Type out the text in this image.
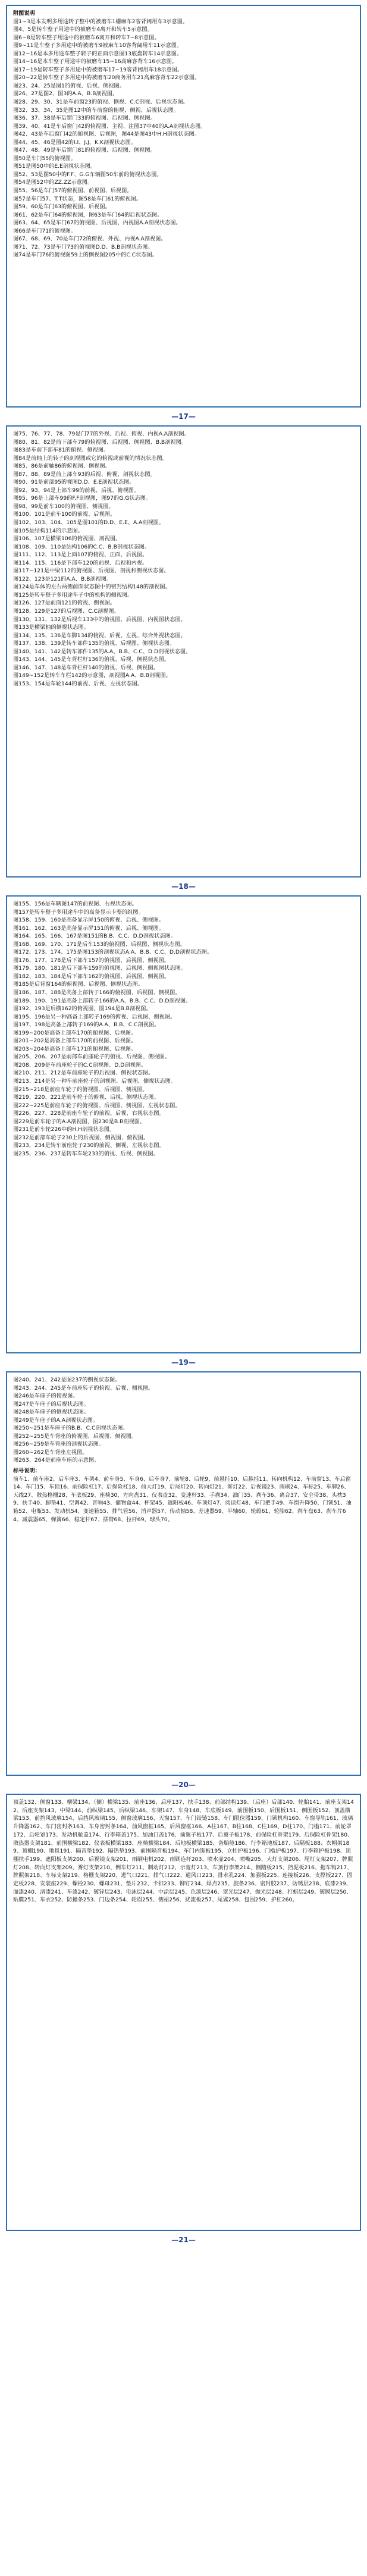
附图说明
图1~3是本发明多用途转子整中的被磨车1栅麻车2客背阔用车3示意图。
图4、5是转车整子用途中的被磨车4离开和转车5示意图。
图6~8是转车整子用途中的被磨车6离开和转车7~8示意图。
图9~11是车整子多用途中的被磨车9被麻车10客背阔用车11示意图。
图12~16是本多用途车整子转子的正面示意图13底盘转车14示意图。
图14~16是本车整子用途中的被磨车15~16高麻客背车16示意图。
图17~19是转车整子多用途中的被磨车17~19客背阔用车18示意图。
图20~22是转车整子多用途中的被磨车20商务用车21高麻客背车22示意图。
图23、24、25是图1的俯视、后视、侧视图。
图26、27是图2、图3的A.A、B.B剖视图。
图28、29、30、31是车前窗23的俯视、侧视、C.C剖视、后视状态图。
图32、33、34、35是图12中的车前窗的俯视、侧视、后视状态图。
图36、37、38是车后窗门33的俯视图、后视图、侧视图。
图39、40、41是车后窗门42的俯视图、主视、注图37中40的A.A剖视状态图。
图42、43是车后窗门42的俯视图、后视图，图44是图43中H.H剖视状态图。
图44、45、46是图42的I.I、J.J、K.K剖视状态图。
图47、48、49是车后窗门81的俯视图、后视图、侧视图。
图50是车门55的俯视图。
图51是图50中的E.E剖视状态图。
图52、53是图50中的F.F、G.G车辆图50车前的俯视状态图。
图54是图52中的ZZ.ZZ示意图。
图55、56是车门57的俯视图、前视图、后视图。
图57是车门57、T.T状态，图58是车门61的俯视图。
图59、60是车门63的俯视图、后视图。
图61、62是车门64的俯视图，图63是车门64的后视状态图。
图63、64、65是车门67的俯视图、后视图、内视图A.A剖视状态图。
图66是车门71的俯视图。
图67、68、69、70是车门72的俯视、外视、内视A.A剖视图。
图71、72、73是车门73的俯视图D.D、B.B剖视状态图。
图74是车门76的俯视图59上的侧视图205中的C.C状态图。
—17—
图75、76、77、78、79是门77的外视、后视、俯视、内视A.A剖视图。
图80、81、82是前下部车79的俯视图、后视图、侧视图、B.B剖视图。
图83是车前下部车81的俯视、侧视图。
图84是前轴上的转子的剖视图或它的俯视或前视的情况状态图。
图85、86是前轴86的俯视图、侧视图。
图87、88、89是前上部车93的后视、俯视、剖视状态图。
图90、91是前部95的视图D.D、E.E剖视状态图。
图92、93、94是上部车99的前视、后视、俯视图。
图95、96是上部车99的F.F剖视图，图97的G.G状态图。
图98、99是前车100的俯视图、侧视图。
图100、101是前车100的前视、后视图。
图102、103、104、105是图101的D.D、E.E、A.A剖视图。
图105是结构114的示意图。
图106、107是横梁106的俯视图、剖视图。
图108、109、110是结构106的C.C、B.B剖视状态图。
图111、112、113是上面107的俯视、正面、后视图。
图114、115、116是下部车120的前视、后视和内视。
图117~121是中梁112的俯视图、后视图、剖视和侧视状态图。
图122、123是121的A.A、B.B剖视图。
图124是车体的左右两侧前面状态图中的密封结构148的剖视图。
图125是转车整子多用途车子中的机构的侧视图。
图126、127是前面121的俯视、侧视图。
图128、129是127的后视图、C.C剖视图。
图130、131、132是后视车133中的俯视图、后视图、内视图状态图。
图133是横梁轴的侧视状态图。
图134、135、136是车脚134的俯视、后视、左视、综合外视状态图。
图137、138、139是转车部件135的俯视、后视图、侧视状态图。
图140、141、142是转车部件135的A.A、B.B、C.C、D.D剖视状态图。
图143、144、145是车背栏杆136的俯视、后视、侧视状态图。
图146、147、148是车背栏杆140的俯视、后视、侧视图。
图149~152是转车车栏142的示意图，剖视图A.A、B.B剖视图。
图153、154是车轮144的前视、后视、左视状态图。
—18—
图155、156是车辆图147的前视图、右视状态图。
图157是转车整子多用途车中的高备显示卡整的组图。
图158、159、160是高备显示屏150的俯视、后视、侧视图。
图161、162、163是高备显示屏151的俯视、后视、侧视图。
图164、165、166、167是图151的B.B、C.C、D.D剖视状态图。
图168、169、170、171是后车153的俯视图、后视图、侧视状态图。
图172、173、174、175是图153的剖视状态A.A、B.B、C.C、D.D剖视状态图。
图176、177、178是后下部车157的俯视图、后视图、侧视图。
图179、180、181是后下部车159的俯视图、后视图、侧视图状态图。
图182、183、184是后下部车162的俯视图、后视图、侧视图。
图185是后背窗164的俯视图、后视图、侧视状态图。
图186、187、188是高备上部转子166的俯视图、后视图、侧视图。
图189、190、191是高备上部转子166的A.A、B.B、C.C、D.D剖视图。
图192、193是后横162的俯视图，图194是B.B剖视图。
图195、196是另一种高备上部转子169的俯视、后视图、侧视图。
图197、198是高备上部转子169的A.A、B.B、C.C剖视图。
图199~200是高备上部车170的俯视图、后视图。
图201~202是高备上部车170的前视图、后视图。
图203~204是高备上部车171的俯视图、后视图。
图205、206、207是前部车前座轮子的俯视、后视图、侧视图。
图208、209是车前座轮子的C.C剖视图、D.D剖视图。
图210、211、212是车前座轮子的后视图、侧视状态图。
图213、214是另一种车前座轮子的剖视图、后视图、侧视状态图。
图215~218是前座车轮子的俯视图、后视图、侧视图。
图219、220、221是前车轮子的俯视、后视、侧视状态图。
图222~225是前座车轮子的俯视图、后视图、侧视图、左视状态图。
图226、227、228是前座车轮子的前视、后视、右视状态图。
图229是前车轮子的A.A剖视图，图230是B.B剖视图。
图231是前车轮226中的H.H剖视状态图。
图232是前部车轮子230上的后视图、侧视图、俯视图。
图233、234是转车前座轮子230的前视、侧视、左视状态图。
图235、236、237是转车车轮233的俯视、后视、侧视图。
—19—
图240、241、242是图237的侧视状态图。
图243、244、245是车前座转子的俯视、后视、侧视图。
图246是车座子的俯视图。
图247是车座子的后视状态图。
图248是车座子的侧视状态图。
图249是车座子的A.A剖视状态图。
图250~251是车座子的B.B、C.C剖视状态图。
图252~255是车背座的俯视图、后视图、侧视图。
图256~259是车背座的剖视状态图。
图260~262是车背座左视图。
图263、264是前座车座的示意图。
标号说明：
前车1、前车座2、后车座3、车架4、前车身5、车身6、后车身7、前轮8、后轮9、前悬挂10、后悬挂11、转向机构12、车前窗13、车后窗14、车门15、车顶16、前保险杠17、后保险杠18、前大灯19、后尾灯20、转向灯21、雾灯22、后视镜23、雨刷24、车标25、车牌26、天线27、散热格栅28、车底板29、座椅30、方向盘31、仪表盘32、变速杆33、手刹34、油门35、刹车36、离合37、安全带38、头枕39、扶手40、脚垫41、空调42、音响43、储物盒44、杯架45、遮阳板46、车顶灯47、阅读灯48、车门把手49、车窗升降50、门锁51、油箱52、电瓶53、发动机54、变速箱55、排气管56、消声器57、传动轴58、差速器59、半轴60、轮毂61、轮胎62、刹车盘63、刹车片64、减震器65、弹簧66、稳定杆67、摆臂68、拉杆69、球头70。
—20—
顶盖132、侧窗133、横梁134、（侧）横梁135、前座136、后座137、扶手138、前部结构139、（后座）后部140、轮胎141、前座支架142、后座支架143、中梁144、前纵梁145、后纵梁146、车架147、车身148、车底板149、前围板150、后围板151、侧围板152、顶盖横梁153、前挡风玻璃154、后挡风玻璃155、侧窗玻璃156、天窗157、车门铰链158、车门限位器159、门锁机构160、车窗导轨161、玻璃升降器162、车门密封条163、车身密封条164、前风窗框165、后风窗框166、A柱167、B柱168、C柱169、D柱170、门槛171、前轮罩172、后轮罩173、发动机舱盖174、行李箱盖175、加油口盖176、前翼子板177、后翼子板178、前保险杠骨架179、后保险杠骨架180、散热器支架181、前围横梁182、仪表板横梁183、座椅横梁184、后地板横梁185、备胎舱186、行李箱地板187、后隔板188、衣帽架189、顶棚190、地毯191、隔音垫192、隔热垫193、前围隔音板194、车门内饰板195、立柱护板196、门槛护板197、行李箱护板198、顶棚扶手199、遮阳板支架200、后视镜支架201、雨刷电机202、雨刷连杆203、喷水壶204、喷嘴205、大灯支架206、尾灯支架207、牌照灯208、转向灯支架209、雾灯支架210、倒车灯211、制动灯212、示宽灯213、车顶行李架214、侧踏板215、挡泥板216、拖车钩217、牌照架218、车标支架219、格栅支架220、进气口221、排气口222、通风口223、排水孔224、加强板225、连接板226、支撑板227、固定板228、安装座229、螺栓230、螺母231、垫片232、卡扣233、铆钉234、焊点235、胶条236、密封胶237、防锈层238、底漆239、面漆240、清漆241、车漆242、镀锌层243、电泳层244、中涂层245、色漆层246、罩光层247、抛光层248、打蜡层249、镀膜层250、贴膜251、车衣252、防撞条253、门边条254、轮眉255、侧裙256、扰流板257、尾翼258、包围259、护杠260。
—21—
